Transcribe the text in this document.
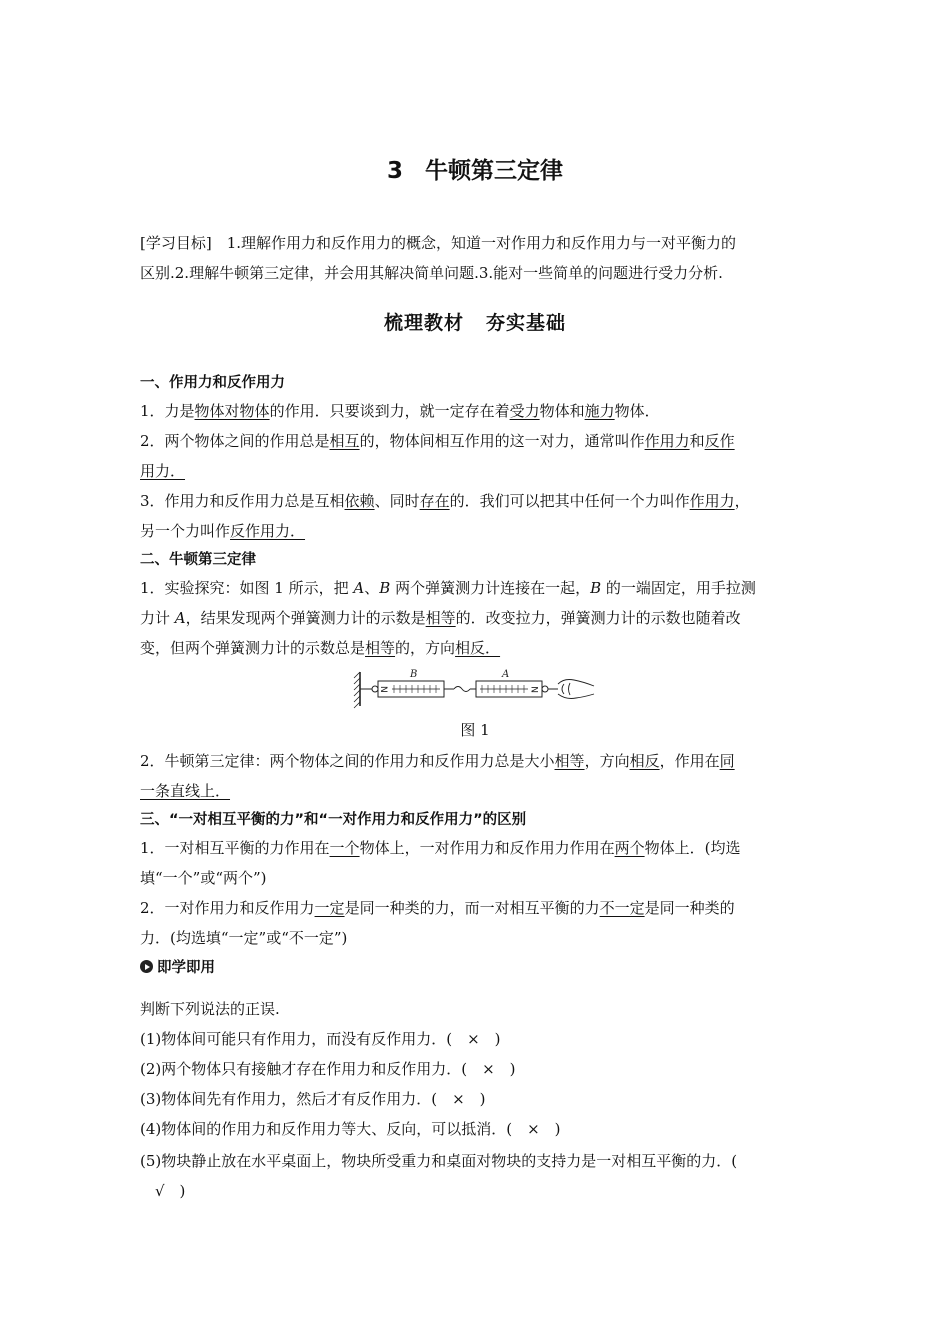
3 牛顿第三定律
[学习目标]　1.理解作用力和反作用力的概念，知道一对作用力和反作用力与一对平衡力的
区别.2.理解牛顿第三定律，并会用其解决简单问题.3.能对一些简单的问题进行受力分析.
梳理教材 夯实基础
一、作用力和反作用力
1．力是物体对物体的作用．只要谈到力，就一定存在着受力物体和施力物体．
2．两个物体之间的作用总是相互的，物体间相互作用的这一对力，通常叫作作用力和反作
用力．
3．作用力和反作用力总是互相依赖、同时存在的．我们可以把其中任何一个力叫作作用力，
另一个力叫作反作用力．
二、牛顿第三定律
1．实验探究：如图 1 所示，把 A、B 两个弹簧测力计连接在一起，B 的一端固定，用手拉测
力计 A，结果发现两个弹簧测力计的示数是相等的．改变拉力，弹簧测力计的示数也随着改
变，但两个弹簧测力计的示数总是相等的，方向相反．
N
B
N
A
图 1
2．牛顿第三定律：两个物体之间的作用力和反作用力总是大小相等，方向相反，作用在同
一条直线上．
三、“一对相互平衡的力”和“一对作用力和反作用力”的区别
1．一对相互平衡的力作用在一个物体上，一对作用力和反作用力作用在两个物体上．(均选
填“一个”或“两个”)
2．一对作用力和反作用力一定是同一种类的力，而一对相互平衡的力不一定是同一种类的
力．(均选填“一定”或“不一定”)
即学即用
判断下列说法的正误.
(1)物体间可能只有作用力，而没有反作用力．(　×　)
(2)两个物体只有接触才存在作用力和反作用力．(　×　)
(3)物体间先有作用力，然后才有反作用力．(　×　)
(4)物体间的作用力和反作用力等大、反向，可以抵消．(　×　)
(5)物块静止放在水平桌面上，物块所受重力和桌面对物块的支持力是一对相互平衡的力．(
　√　)
